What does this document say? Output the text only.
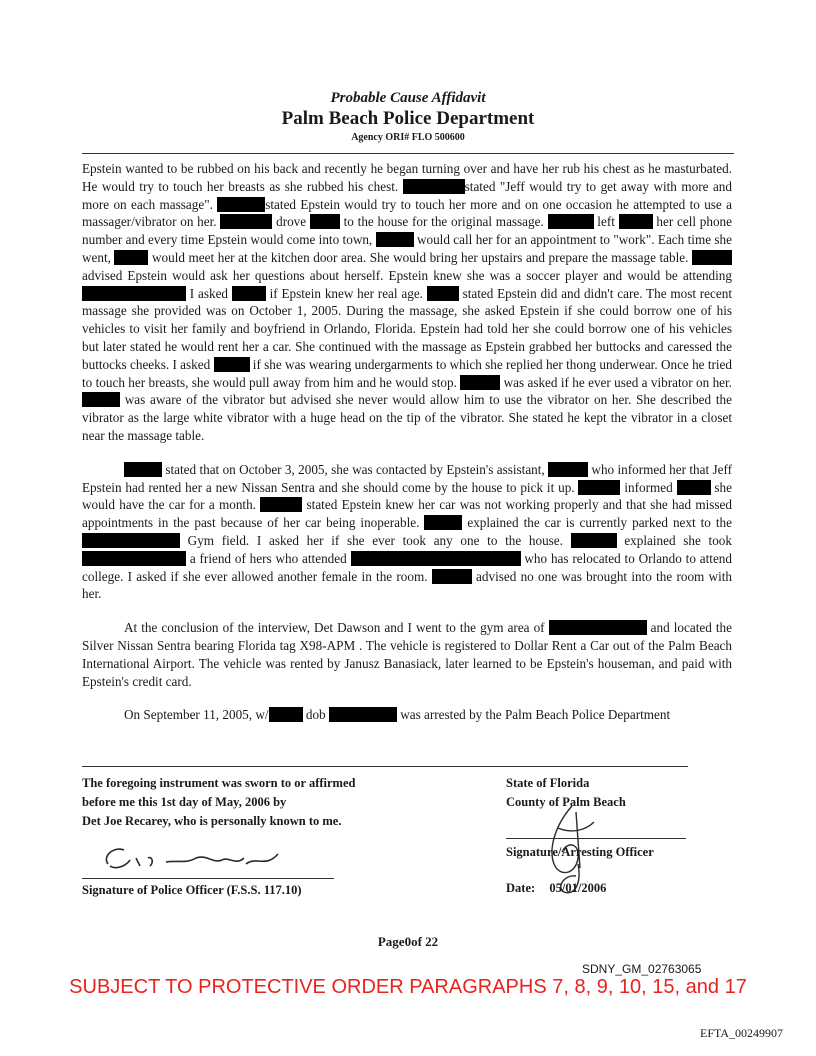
Probable Cause Affidavit
Palm Beach Police Department
Agency ORI# FLO 500600

Epstein wanted to be rubbed on his back and recently he began turning over and have her rub his chest as he masturbated. He would try to touch her breasts as she rubbed his chest.	stated "Jeff would try to get away with more and more on each massage".	stated Epstein would try to touch her more and on one occasion he attempted to use a massager/vibrator on her.	drove  to the house for the original massage.	left	her cell phone number and every time Epstein would come into town,	would call her for an appointment to "work". Each time she went,	would meet her at the kitchen door area. She would bring her upstairs and prepare the massage table.  advised Epstein would ask her questions about herself. Epstein knew she was a soccer player and would be attending  I asked	if Epstein knew her real age.  stated Epstein did and didn't care. The most recent massage she provided was on October 1, 2005. During the massage, she asked Epstein if she could borrow one of his vehicles to visit her family and boyfriend in Orlando, Florida. Epstein had told her she could borrow one of his vehicles but later stated he would rent her a car. She continued with the massage as Epstein grabbed her buttocks and caressed the buttocks cheeks. I asked	if she was wearing undergarments to which she replied her thong underwear. Once he tried to touch her breasts, she would pull away from him and he would stop.	was asked if he ever used a vibrator on her.  was aware of the vibrator but advised she never would allow him to use the vibrator on her. She described the vibrator as the large white vibrator with a huge head on the tip of the vibrator. She stated he kept the vibrator in a closet near the massage table.

stated that on October 3, 2005, she was contacted by Epstein's assistant,	who informed her that Jeff Epstein had rented her a new Nissan Sentra and she should come by the house to pick it up.	informed	she would have the car for a month.	stated Epstein knew her car was not working properly and that she had missed appointments in the past because of her car being inoperable.	explained the car is currently parked next to the  Gym field. I asked her if she ever took any one to the house.	explained she took  a friend of hers who attended	who has relocated to Orlando to attend college. I asked if she ever allowed another female in the room.	advised no one was brought into the room with her.

At the conclusion of the interview, Det Dawson and I went to the gym area of	and located the Silver Nissan Sentra bearing Florida tag X98-APM . The vehicle is registered to Dollar Rent a Car out of the Palm Beach International Airport. The vehicle was rented by Janusz Banasiack, later learned to be Epstein's houseman, and paid with Epstein's credit card.

On September 11, 2005, w/	dob	was arrested by the Palm Beach Police Department

The foregoing instrument was sworn to or affirmed
before me this 1st day of May, 2006 by
Det Joe Recarey, who is personally known to me.
Signature of Police Officer (F.S.S. 117.10)
State of Florida
County of Palm Beach
Signature/Arresting Officer
Date: 05/01/2006
Page0of 22
SDNY_GM_02763065
SUBJECT TO PROTECTIVE ORDER PARAGRAPHS 7, 8, 9, 10, 15, and 17
EFTA_00249907
